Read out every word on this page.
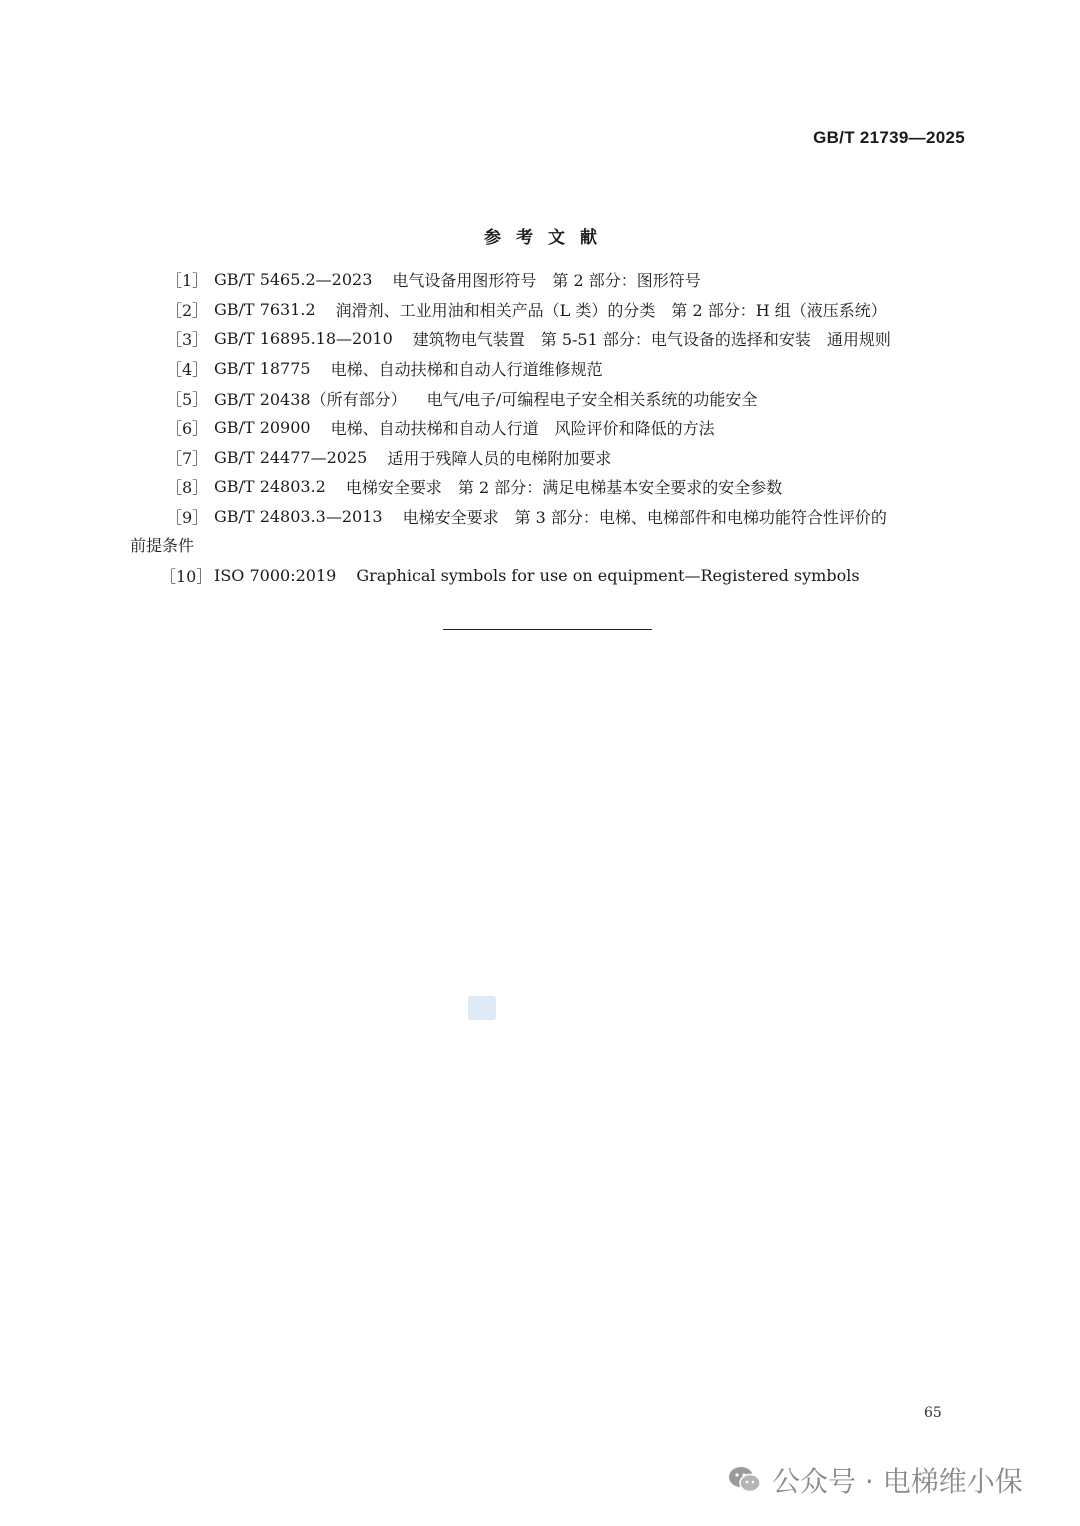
GB/T 21739—2025
参考文献
［1］ GB/T 5465.2—2023 电气设备用图形符号　第 2 部分：图形符号
［2］ GB/T 7631.2 润滑剂、工业用油和相关产品（L 类）的分类　第 2 部分：H 组（液压系统）
［3］ GB/T 16895.18—2010 建筑物电气装置　第 5-51 部分：电气设备的选择和安装　通用规则
［4］ GB/T 18775 电梯、自动扶梯和自动人行道维修规范
［5］ GB/T 20438（所有部分） 电气/电子/可编程电子安全相关系统的功能安全
［6］ GB/T 20900 电梯、自动扶梯和自动人行道　风险评价和降低的方法
［7］ GB/T 24477—2025 适用于残障人员的电梯附加要求
［8］ GB/T 24803.2 电梯安全要求　第 2 部分：满足电梯基本安全要求的安全参数
［9］ GB/T 24803.3—2013 电梯安全要求　第 3 部分：电梯、电梯部件和电梯功能符合性评价的
前提条件
［10］ ISO 7000:2019 Graphical symbols for use on equipment—Registered symbols
65
公众号 · 电梯维小保
